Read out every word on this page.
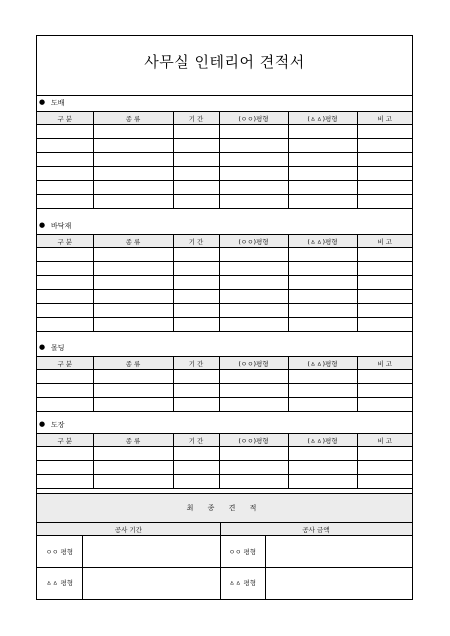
사무실 인테리어 견적서
● 도배
구 분	종 류	기 간	(ㅇㅇ)평형	(ㅿㅿ)평형	비 고

● 바닥재
구 분	종 류	기 간	(ㅇㅇ)평형	(ㅿㅿ)평형	비 고

● 몰딩
구 분	종 류	기 간	(ㅇㅇ)평형	(ㅿㅿ)평형	비 고

● 도장
구 분	종 류	기 간	(ㅇㅇ)평형	(ㅿㅿ)평형	비 고

최 종 견 적
공사 기간	공사 금액
ㅇㅇ 평형	ㅇㅇ 평형
ㅿㅿ 평형	ㅿㅿ 평형
